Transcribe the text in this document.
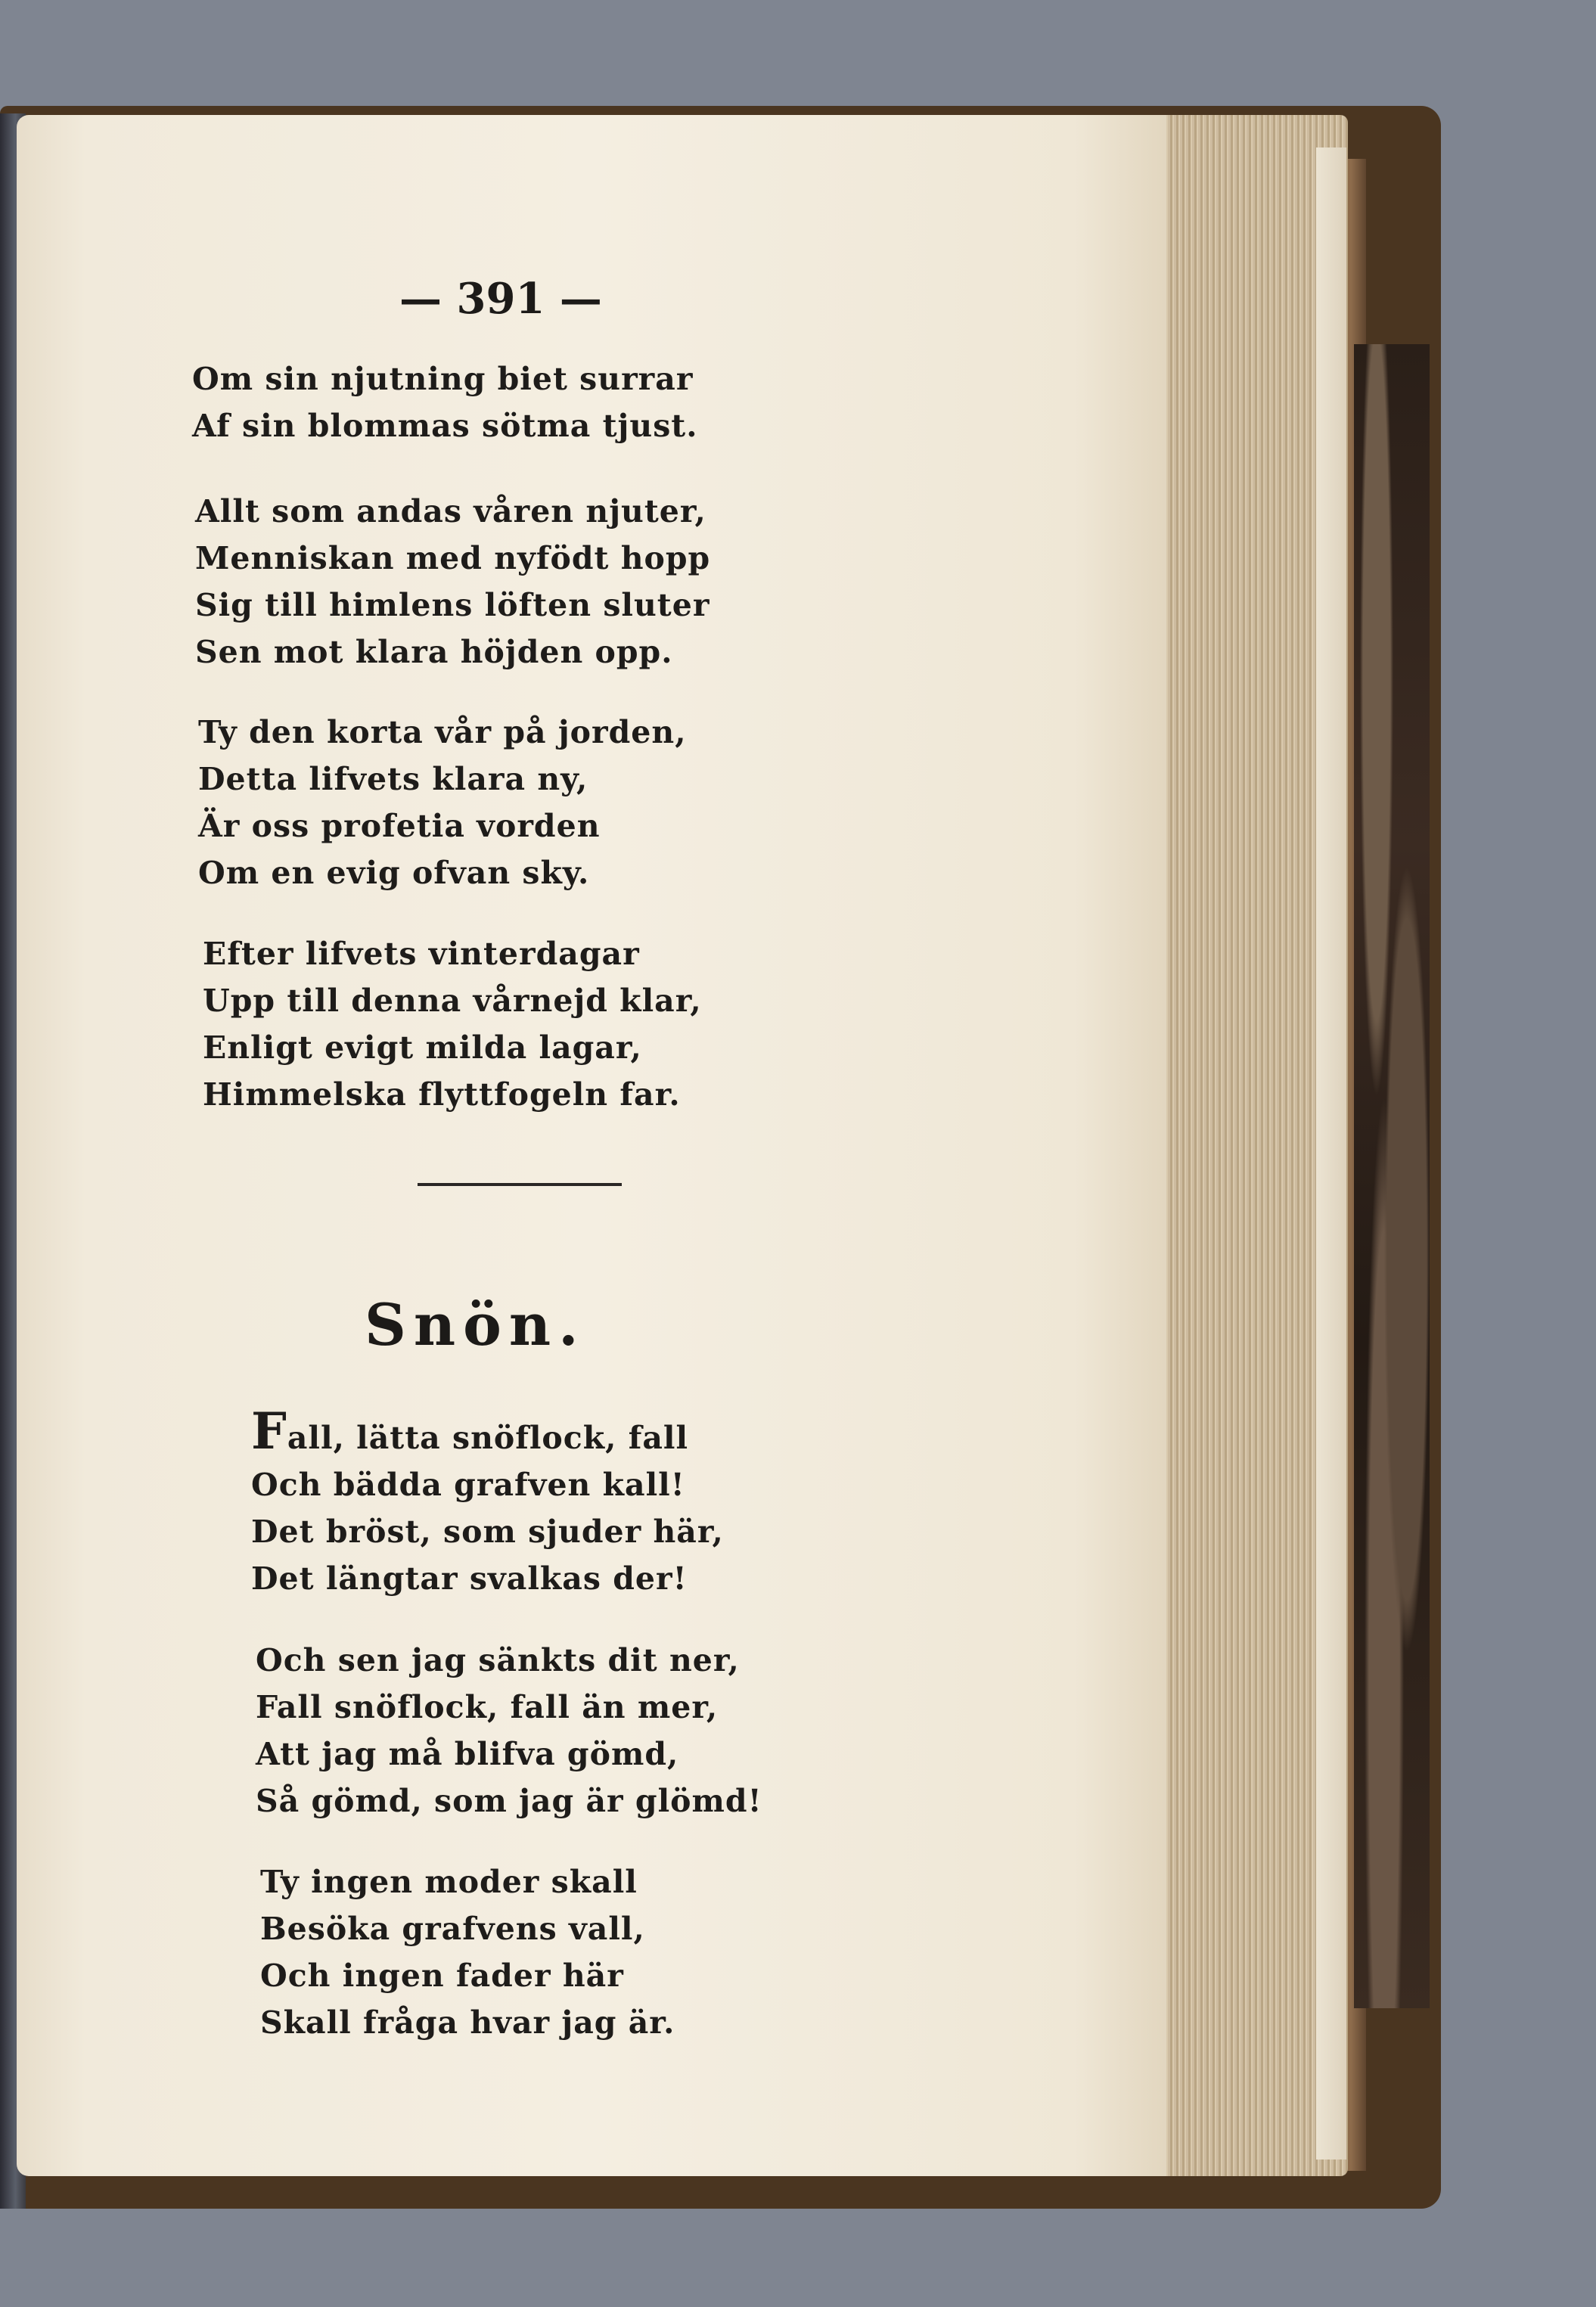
— 391 —
Om sin njutning biet surrar
Af sin blommas sötma tjust.
Allt som andas våren njuter,
Menniskan med nyfödt hopp
Sig till himlens löften sluter
Sen mot klara höjden opp.
Ty den korta vår på jorden,
Detta lifvets klara ny,
Är oss profetia vorden
Om en evig ofvan sky.
Efter lifvets vinterdagar
Upp till denna vårnejd klar,
Enligt evigt milda lagar,
Himmelska flyttfogeln far.
Snön.
Fall, lätta snöflock, fall
Och bädda grafven kall!
Det bröst, som sjuder här,
Det längtar svalkas der!
Och sen jag sänkts dit ner,
Fall snöflock, fall än mer,
Att jag må blifva gömd,
Så gömd, som jag är glömd!
Ty ingen moder skall
Besöka grafvens vall,
Och ingen fader här
Skall fråga hvar jag är.
